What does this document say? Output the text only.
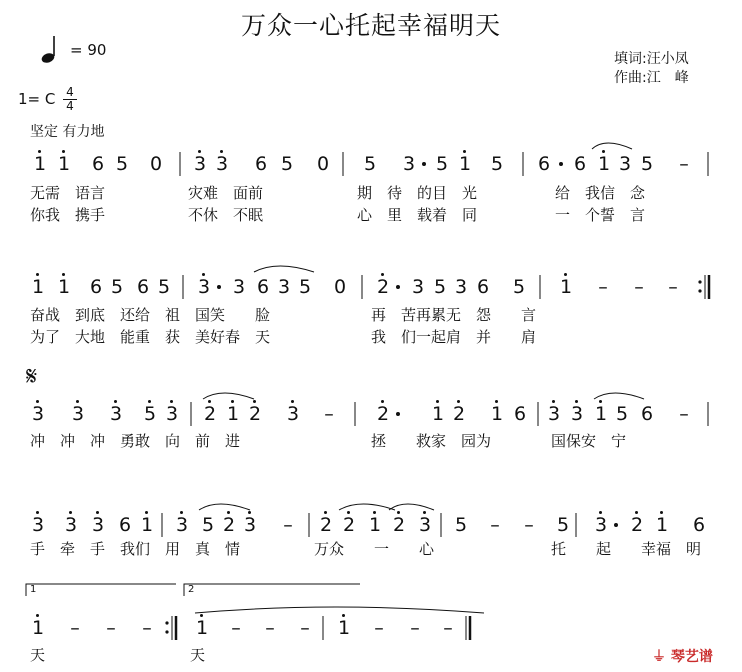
万众一心托起幸福明天
填词:汪小凤
作曲:江　峰
= 90
1= C 4
4
坚定 有力地
𝄋
1 1 6 5 0 3 3 6 5 0 5 3 5 1 5 6 6 1 3 5 –
无需　语言	灾难　面前	期　待　的目　光	给　我信　念
你我　携手	不休　不眠	心　里　载着　同	一　个誓　言
1 1 6 5 6 5 3 3 6 3 5 0 2 3 5 3 6 5 1 – – –
奋战　到底　还给　祖　国笑　　脸	再　苦再累无　怨　　言
为了　大地　能重　获　美好春　天	我　们一起肩　并　　肩
3 3 3 5 3 2 1 2 3 – 2 1 2 1 6 3 3 1 5 6 –
冲　冲　冲　勇敢　向　前　进	拯　　救家　园为	国保安　宁
3 3 3 6 1 3 5 2 3 – 2 2 1 2 3 5 – – 5 3 2 1 6
手　牵　手　我们　用　真　情	万众　　一　　心	托　　起　　幸福　明
1 – – – 1 – – – 1 – – –
天	天
1	2
⏚ 琴艺谱
